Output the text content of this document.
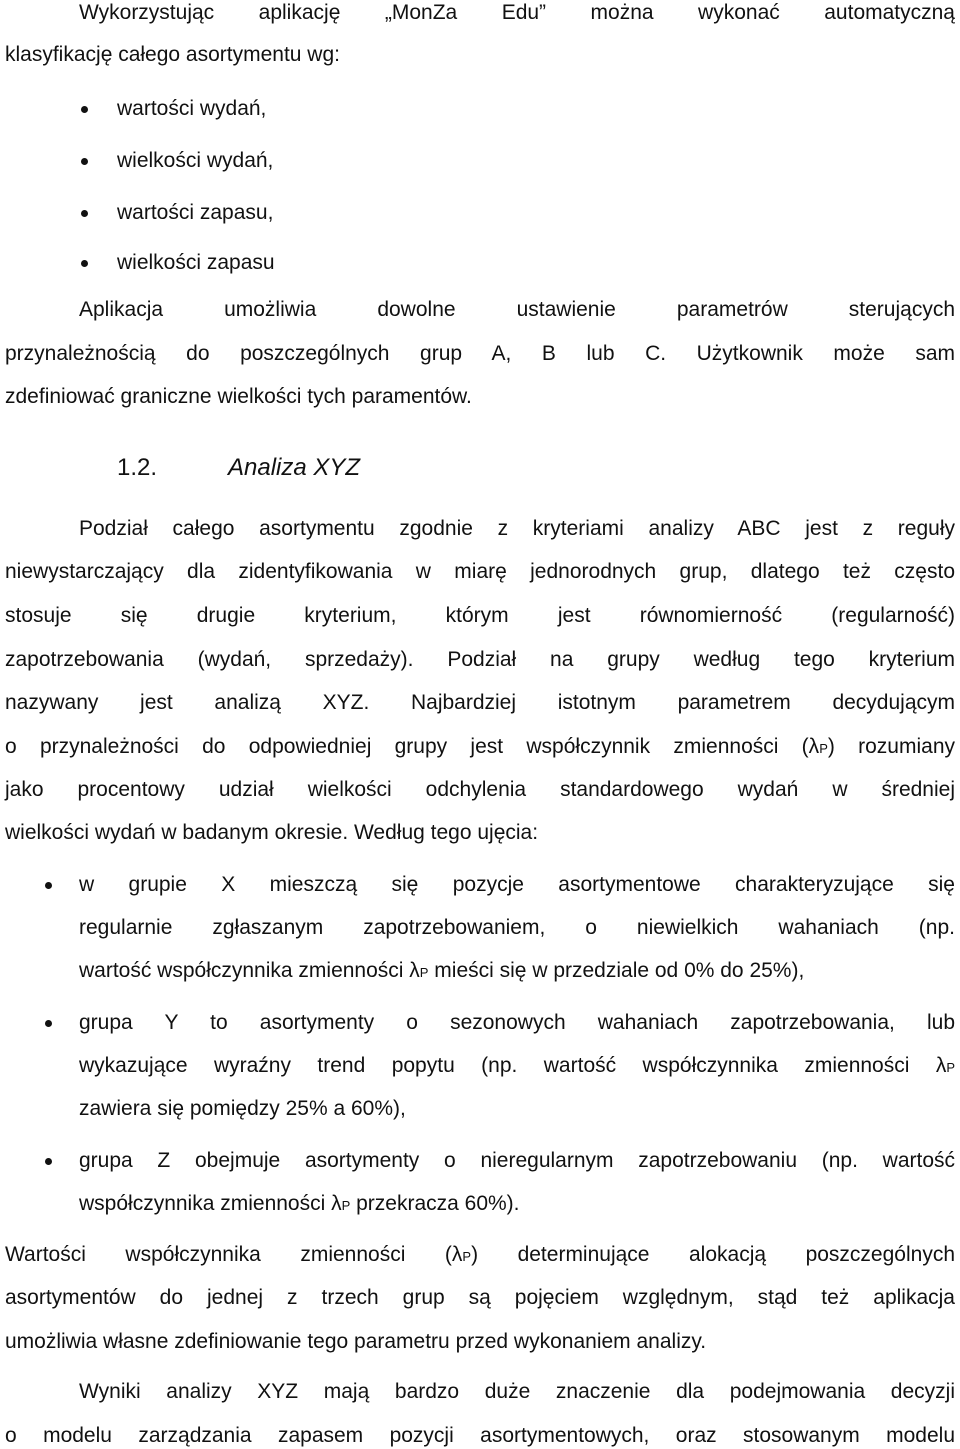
Wykorzystując aplikację „MonZa Edu” można wykonać automatyczną
klasyfikację całego asortymentu wg:
wartości wydań,
wielkości wydań,
wartości zapasu,
wielkości zapasu
Aplikacja umożliwia dowolne ustawienie parametrów sterujących
przynależnością do poszczególnych grup A, B lub C. Użytkownik może sam
zdefiniować graniczne wielkości tych paramentów.
1.2.	Analiza XYZ
Podział całego asortymentu zgodnie z kryteriami analizy ABC jest z reguły
niewystarczający dla zidentyfikowania w miarę jednorodnych grup, dlatego też często
stosuje się drugie kryterium, którym jest równomierność (regularność)
zapotrzebowania (wydań, sprzedaży). Podział na grupy według tego kryterium
nazywany jest analizą XYZ. Najbardziej istotnym parametrem decydującym
o przynależności do odpowiedniej grupy jest współczynnik zmienności (λP) rozumiany
jako procentowy udział wielkości odchylenia standardowego wydań w średniej
wielkości wydań w badanym okresie. Według tego ujęcia:
w grupie X mieszczą się pozycje asortymentowe charakteryzujące się
regularnie zgłaszanym zapotrzebowaniem, o niewielkich wahaniach (np.
wartość współczynnika zmienności λP mieści się w przedziale od 0% do 25%),
grupa Y to asortymenty o sezonowych wahaniach zapotrzebowania, lub
wykazujące wyraźny trend popytu (np. wartość współczynnika zmienności λP
zawiera się pomiędzy 25% a 60%),
grupa Z obejmuje asortymenty o nieregularnym zapotrzebowaniu (np. wartość
współczynnika zmienności λP przekracza 60%).
Wartości współczynnika zmienności (λP) determinujące alokacją poszczególnych
asortymentów do jednej z trzech grup są pojęciem względnym, stąd też aplikacja
umożliwia własne zdefiniowanie tego parametru przed wykonaniem analizy.
Wyniki analizy XYZ mają bardzo duże znaczenie dla podejmowania decyzji
o modelu zarządzania zapasem pozycji asortymentowych, oraz stosowanym modelu
